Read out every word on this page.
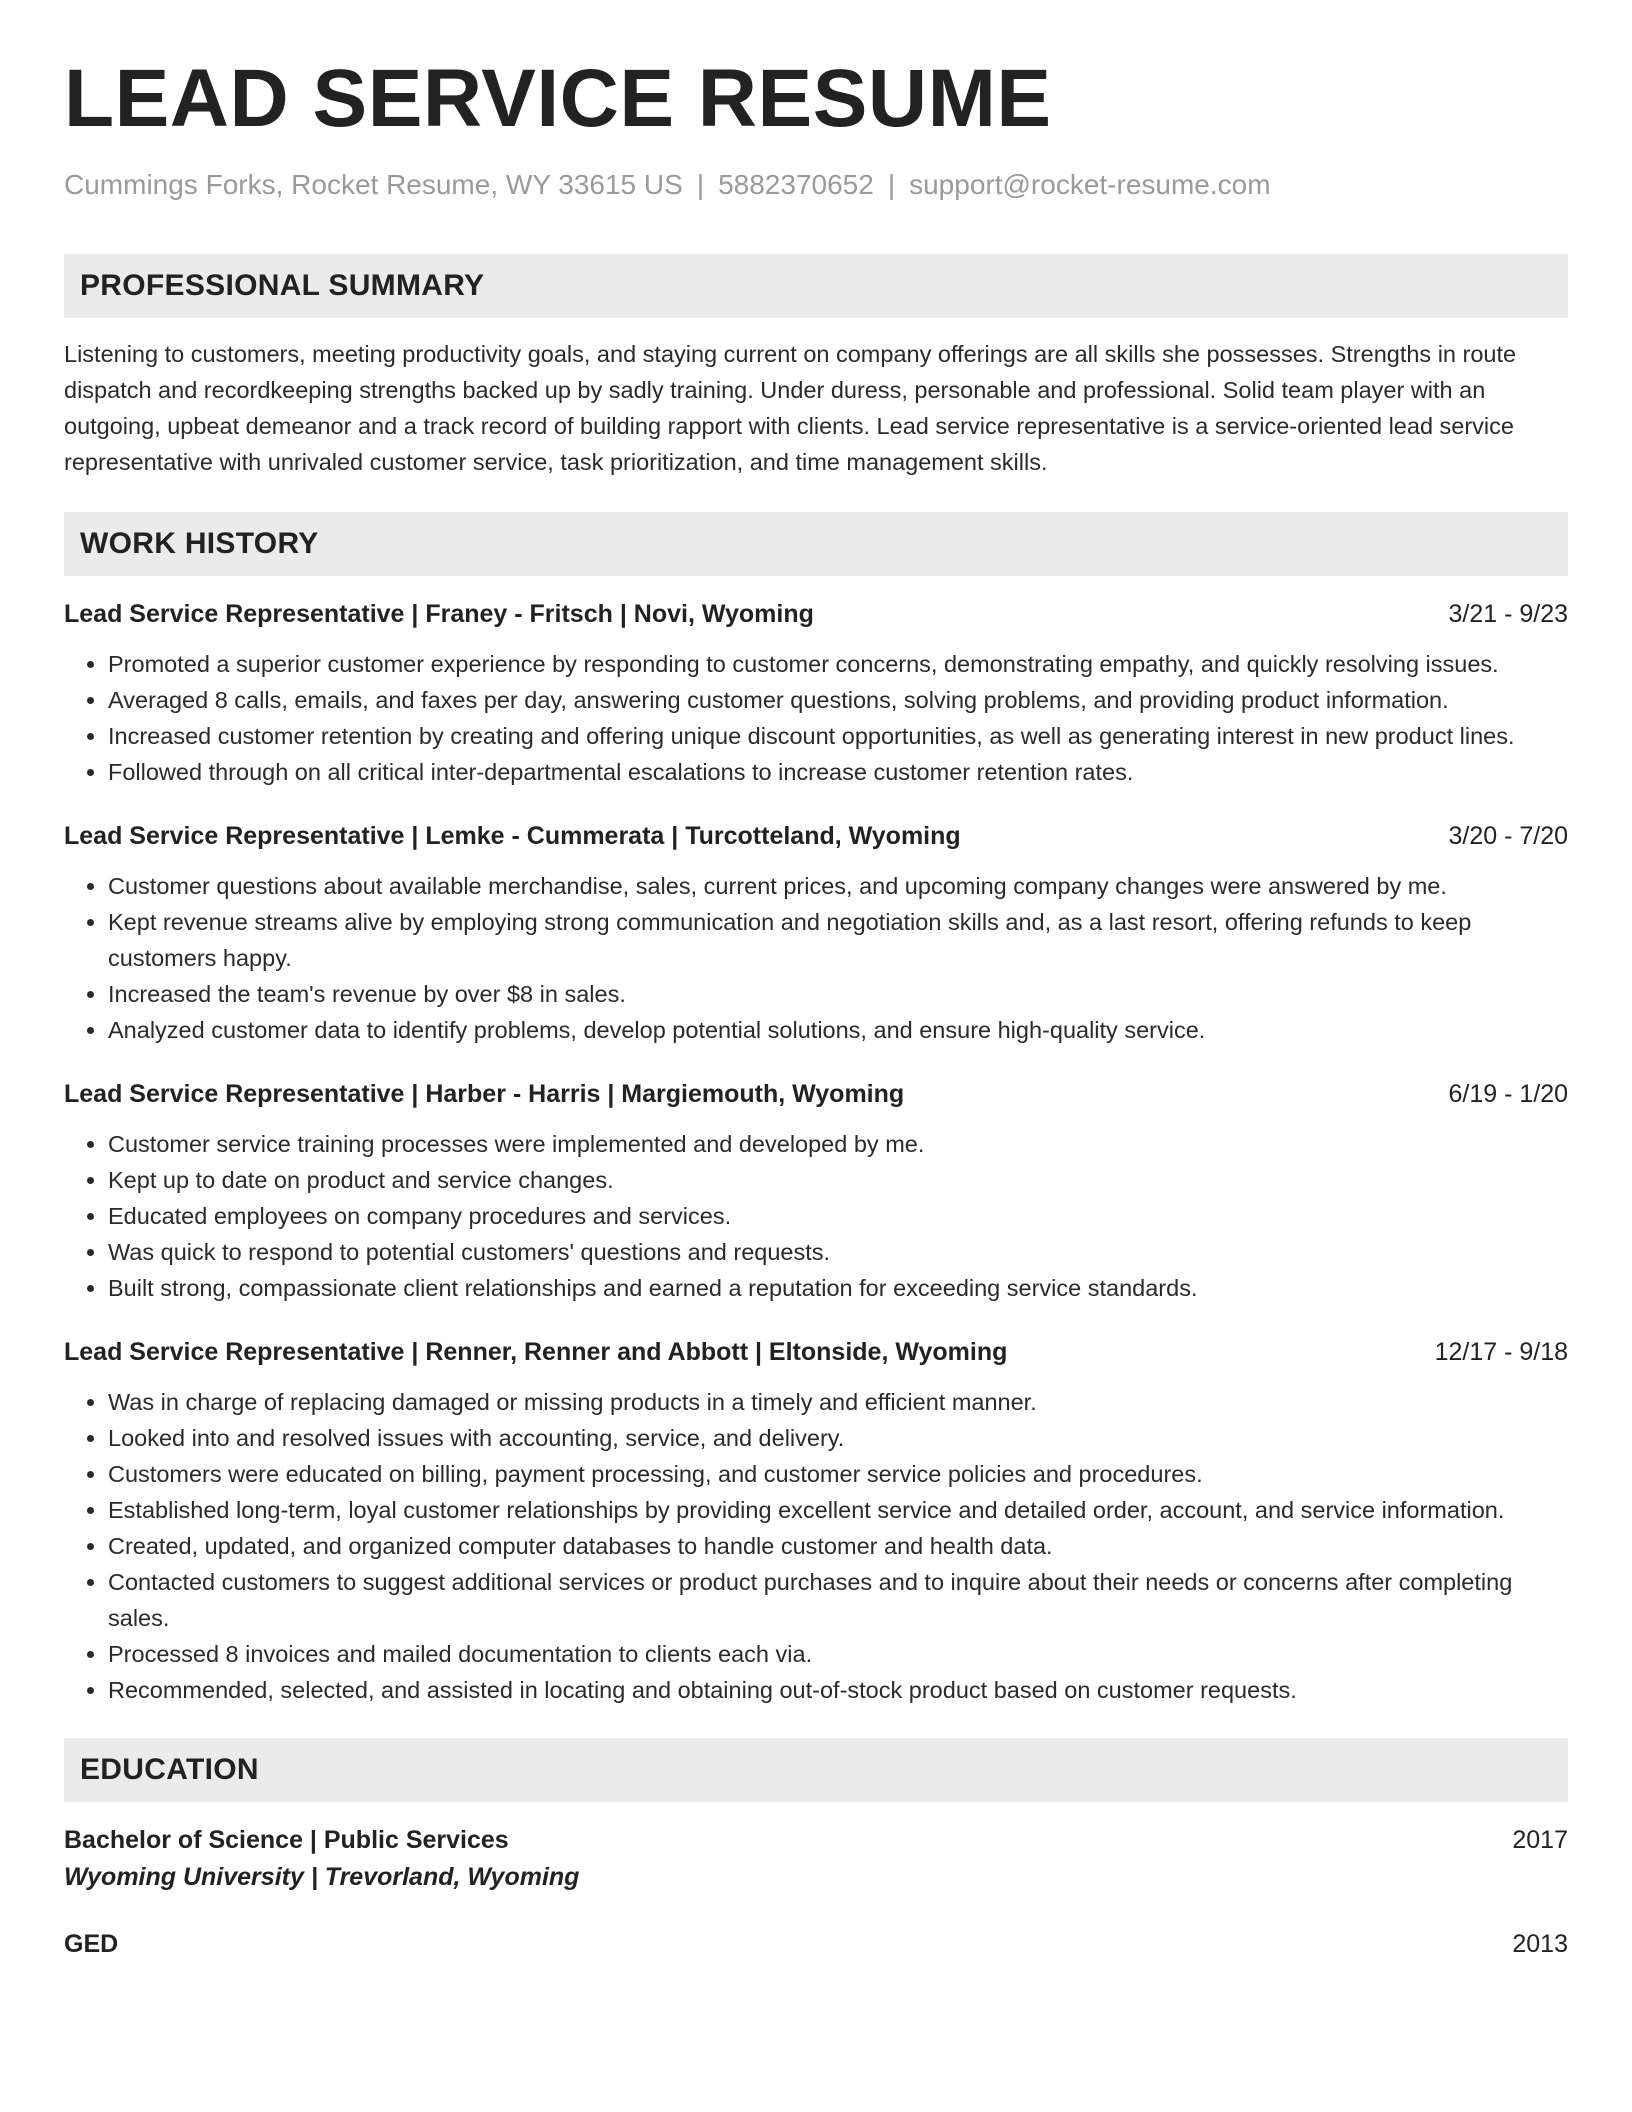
LEAD SERVICE RESUME
Cummings Forks, Rocket Resume, WY 33615 US | 5882370652 | support@rocket-resume.com
PROFESSIONAL SUMMARY
Listening to customers, meeting productivity goals, and staying current on company offerings are all skills she possesses. Strengths in route dispatch and recordkeeping strengths backed up by sadly training. Under duress, personable and professional. Solid team player with an outgoing, upbeat demeanor and a track record of building rapport with clients. Lead service representative is a service-oriented lead service representative with unrivaled customer service, task prioritization, and time management skills.
WORK HISTORY
Lead Service Representative | Franey - Fritsch | Novi, Wyoming	3/21 - 9/23
• Promoted a superior customer experience by responding to customer concerns, demonstrating empathy, and quickly resolving issues.
• Averaged 8 calls, emails, and faxes per day, answering customer questions, solving problems, and providing product information.
• Increased customer retention by creating and offering unique discount opportunities, as well as generating interest in new product lines.
• Followed through on all critical inter-departmental escalations to increase customer retention rates.
Lead Service Representative | Lemke - Cummerata | Turcotteland, Wyoming	3/20 - 7/20
• Customer questions about available merchandise, sales, current prices, and upcoming company changes were answered by me.
• Kept revenue streams alive by employing strong communication and negotiation skills and, as a last resort, offering refunds to keep customers happy.
• Increased the team's revenue by over $8 in sales.
• Analyzed customer data to identify problems, develop potential solutions, and ensure high-quality service.
Lead Service Representative | Harber - Harris | Margiemouth, Wyoming	6/19 - 1/20
• Customer service training processes were implemented and developed by me.
• Kept up to date on product and service changes.
• Educated employees on company procedures and services.
• Was quick to respond to potential customers' questions and requests.
• Built strong, compassionate client relationships and earned a reputation for exceeding service standards.
Lead Service Representative | Renner, Renner and Abbott | Eltonside, Wyoming	12/17 - 9/18
• Was in charge of replacing damaged or missing products in a timely and efficient manner.
• Looked into and resolved issues with accounting, service, and delivery.
• Customers were educated on billing, payment processing, and customer service policies and procedures.
• Established long-term, loyal customer relationships by providing excellent service and detailed order, account, and service information.
• Created, updated, and organized computer databases to handle customer and health data.
• Contacted customers to suggest additional services or product purchases and to inquire about their needs or concerns after completing sales.
• Processed 8 invoices and mailed documentation to clients each via.
• Recommended, selected, and assisted in locating and obtaining out-of-stock product based on customer requests.
EDUCATION
Bachelor of Science | Public Services	2017
Wyoming University | Trevorland, Wyoming
GED	2013
